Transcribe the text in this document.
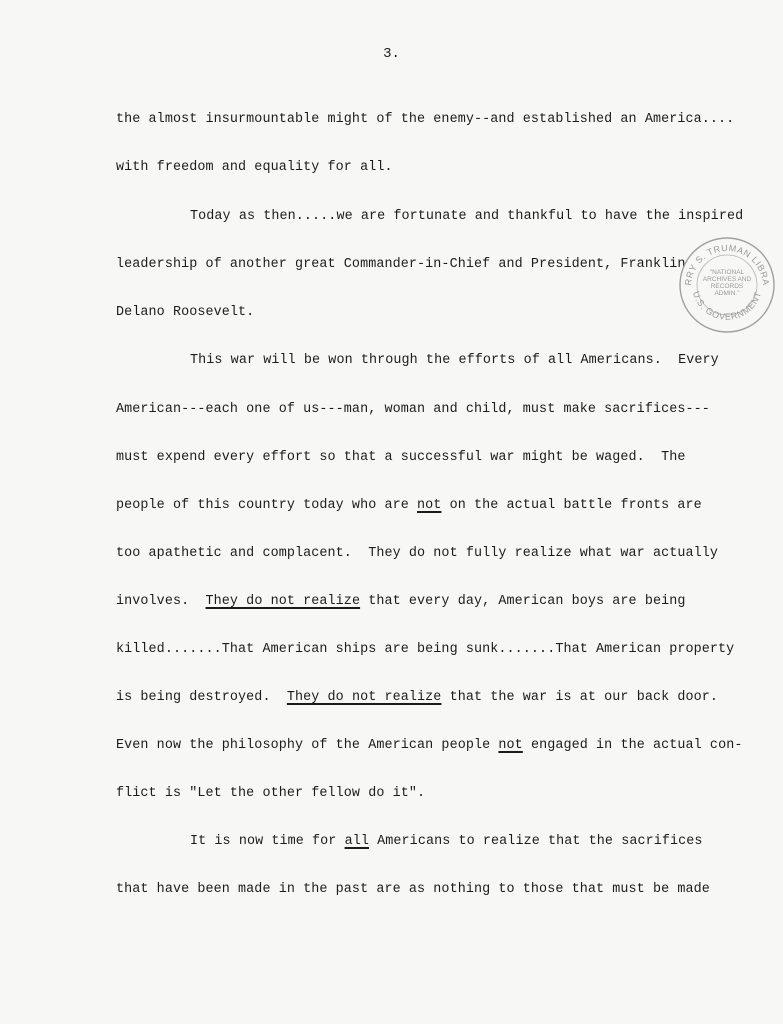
3.
the almost insurmountable might of the enemy--and established an America....
with freedom and equality for all.
Today as then.....we are fortunate and thankful to have the inspired
leadership of another great Commander-in-Chief and President, Franklin
Delano Roosevelt.
This war will be won through the efforts of all Americans.  Every
American---each one of us---man, woman and child, must make sacrifices---
must expend every effort so that a successful war might be waged.  The
people of this country today who are not on the actual battle fronts are
too apathetic and complacent.  They do not fully realize what war actually
involves.  They do not realize that every day, American boys are being
killed.......That American ships are being sunk.......That American property
is being destroyed.  They do not realize that the war is at our back door.
Even now the philosophy of the American people not engaged in the actual con-
flict is "Let the other fellow do it".
It is now time for all Americans to realize that the sacrifices
that have been made in the past are as nothing to those that must be made
RRY S. TRUMAN LIBRA
U.S. GOVERNMENT
"NATIONAL
ARCHIVES AND
RECORDS
ADMIN."
